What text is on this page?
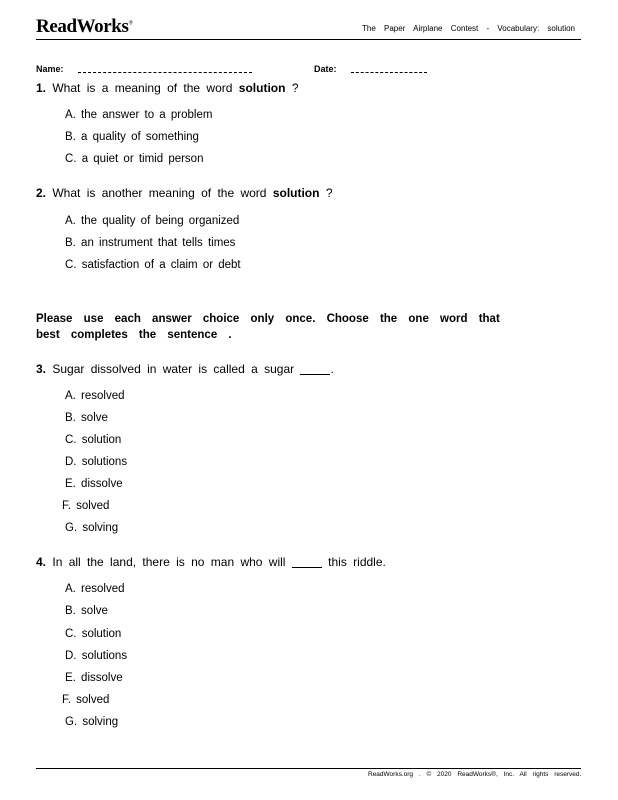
ReadWorks®
The Paper Airplane Contest - Vocabulary: solution
Name:	Date:
1. What is a meaning of the word solution ?
A. the answer to a problem
B. a quality of something
C. a quiet or timid person
2. What is another meaning of the word solution ?
A. the quality of being organized
B. an instrument that tells times
C. satisfaction of a claim or debt
Please use each answer choice only once. Choose the one word that best completes the sentence .
3. Sugar dissolved in water is called a sugar	.
A. resolved
B. solve
C. solution
D. solutions
E. dissolve
F. solved
G. solving
4. In all the land, there is no man who will	this riddle.
A. resolved
B. solve
C. solution
D. solutions
E. dissolve
F. solved
G. solving
ReadWorks.org . © 2020 ReadWorks®, Inc. All rights reserved.
